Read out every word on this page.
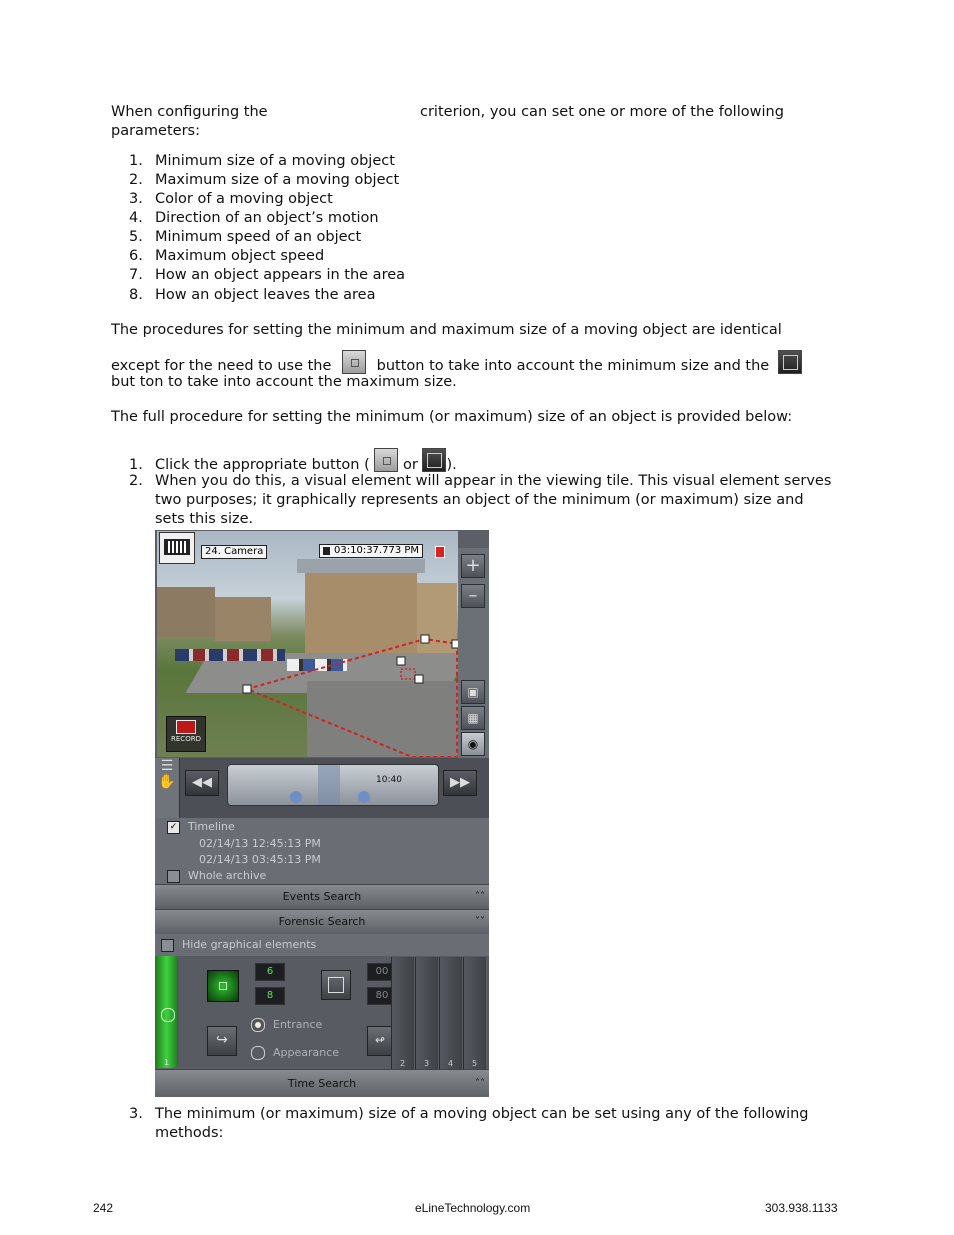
When configuring the	criterion, you can set one or more of the following
parameters:
1. Minimum size of a moving object
2. Maximum size of a moving object
3. Color of a moving object
4. Direction of an object’s motion
5. Minimum speed of an object
6. Maximum object speed
7. How an object appears in the area
8. How an object leaves the area
The procedures for setting the minimum and maximum size of a moving object are identical
except for the need to use the	button to take into account the minimum size and the
but ton to take into account the maximum size.
The full procedure for setting the minimum (or maximum) size of an object is provided below:
1. Click the appropriate button ( or ).
2. When you do this, a visual element will appear in the viewing tile. This visual element serves
two purposes; it graphically represents an object of the minimum (or maximum) size and
sets this size.
24. Camera	03:10:37.773 PM
RECORD
+
–
▣
▦
◉
☰
✋	◀◀	10:40	▶▶
✓ Timeline
02/14/13 12:45:13 PM
02/14/13 03:45:13 PM
Whole archive
Events Search	˄˄
Forensic Search	˅˅
Hide graphical elements
1
6
8
00
80
↪
Entrance
Appearance
↫
2 3 4 5
Time Search	˄˄
3. The minimum (or maximum) size of a moving object can be set using any of the following
methods:
242	eLineTechnology.com	303.938.1133
